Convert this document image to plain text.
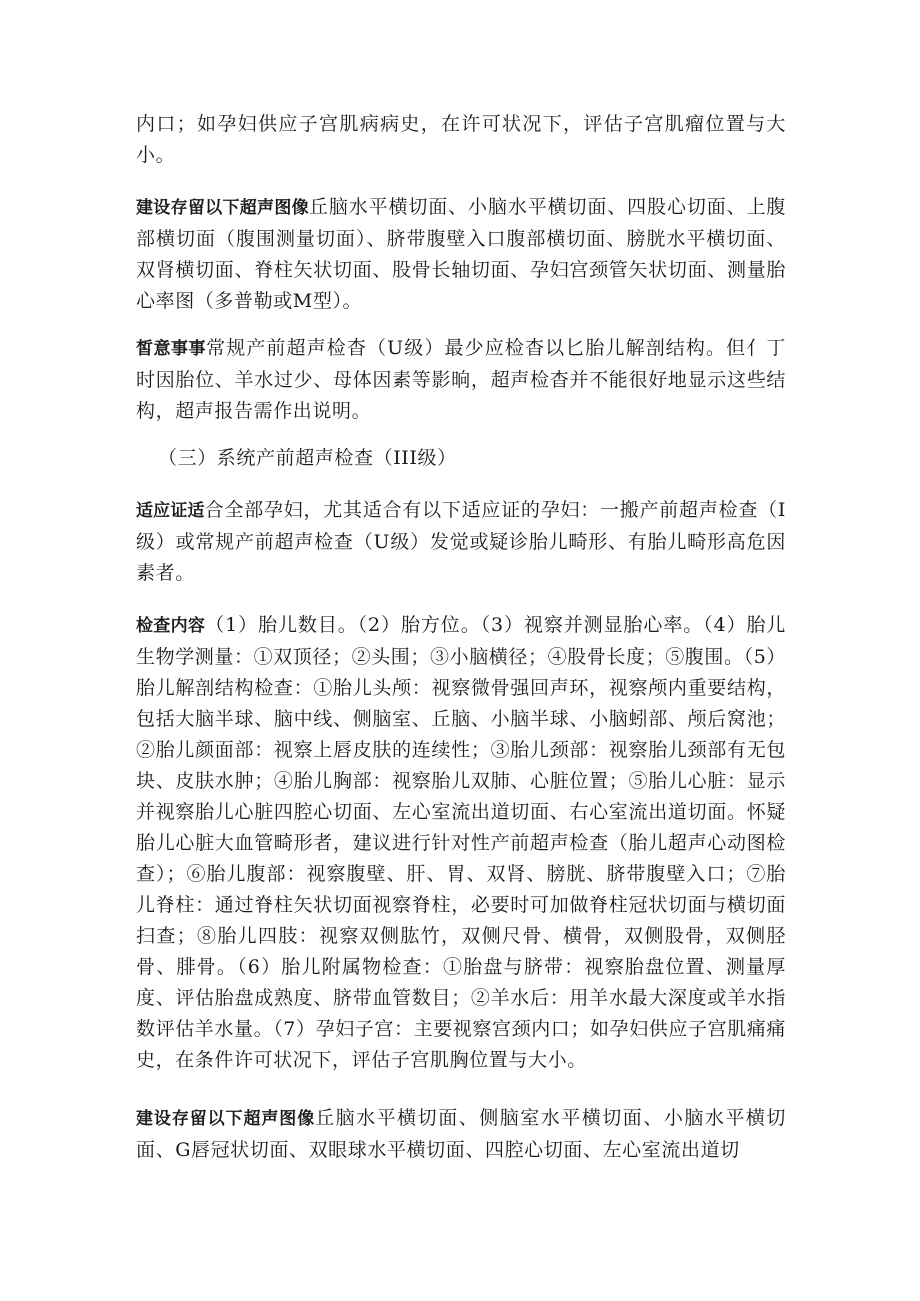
内口；如孕妇供应子宫肌病病史，在许可状况下，评估子宫肌瘤位置与大小。

建设存留以下超声图像丘脑水平横切面、小脑水平横切面、四股心切面、上腹部横切面（腹围测量切面）、脐带腹壁入口腹部横切面、膀胱水平横切面、双肾横切面、脊柱矢状切面、股骨长轴切面、孕妇宫颈管矢状切面、测量胎心率图（多普勒或M型）。

皙意事事常规产前超声检杳（U级）最少应检杳以匕胎儿解剖结构。但亻丁时因胎位、羊水过少、母体因素等影晌，超声检杳并不能很好地显示这些结构，超声报告需作出说明。

（三）系统产前超声检查（III级）

适应证适合全部孕妇，尤其适合有以下适应证的孕妇：一搬产前超声检查（I级）或常规产前超声检查（U级）发觉或疑诊胎儿畸形、有胎儿畸形高危因素者。

检查内容（1）胎儿数目。（2）胎方位。（3）视察并测显胎心率。（4）胎儿生物学测量：①双顶径；②头围；③小脑横径；④股骨长度；⑤腹围。（5）胎儿解剖结构检查：①胎儿头颅：视察微骨强回声环，视察颅内重要结构，包括大脑半球、脑中线、侧脑室、丘脑、小脑半球、小脑蚓部、颅后窝池；②胎儿颜面部：视察上唇皮肤的连续性；③胎儿颈部：视察胎儿颈部有无包块、皮肤水肿；④胎儿胸部：视察胎儿双肺、心脏位置；⑤胎儿心脏：显示并视察胎儿心脏四腔心切面、左心室流出道切面、右心室流出道切面。怀疑胎儿心脏大血管畸形者，建议进行针对性产前超声检查（胎儿超声心动图检查）；⑥胎儿腹部：视察腹壁、肝、胃、双肾、膀胱、脐带腹壁入口；⑦胎儿脊柱：通过脊柱矢状切面视察脊柱，必要时可加做脊柱冠状切面与横切面扫查；⑧胎儿四肢：视察双侧肱竹，双侧尺骨、横骨，双侧股骨，双侧胫骨、腓骨。（6）胎儿附属物检查：①胎盘与脐带：视察胎盘位置、测量厚度、评估胎盘成熟度、脐带血管数目；②羊水后：用羊水最大深度或羊水指数评估羊水量。（7）孕妇子宫：主要视察宫颈内口；如孕妇供应子宫肌痛痛史，在条件许可状况下，评估子宫肌胸位置与大小。

建设存留以下超声图像丘脑水平横切面、侧脑室水平横切面、小脑水平横切面、G唇冠状切面、双眼球水平横切面、四腔心切面、左心室流出道切
